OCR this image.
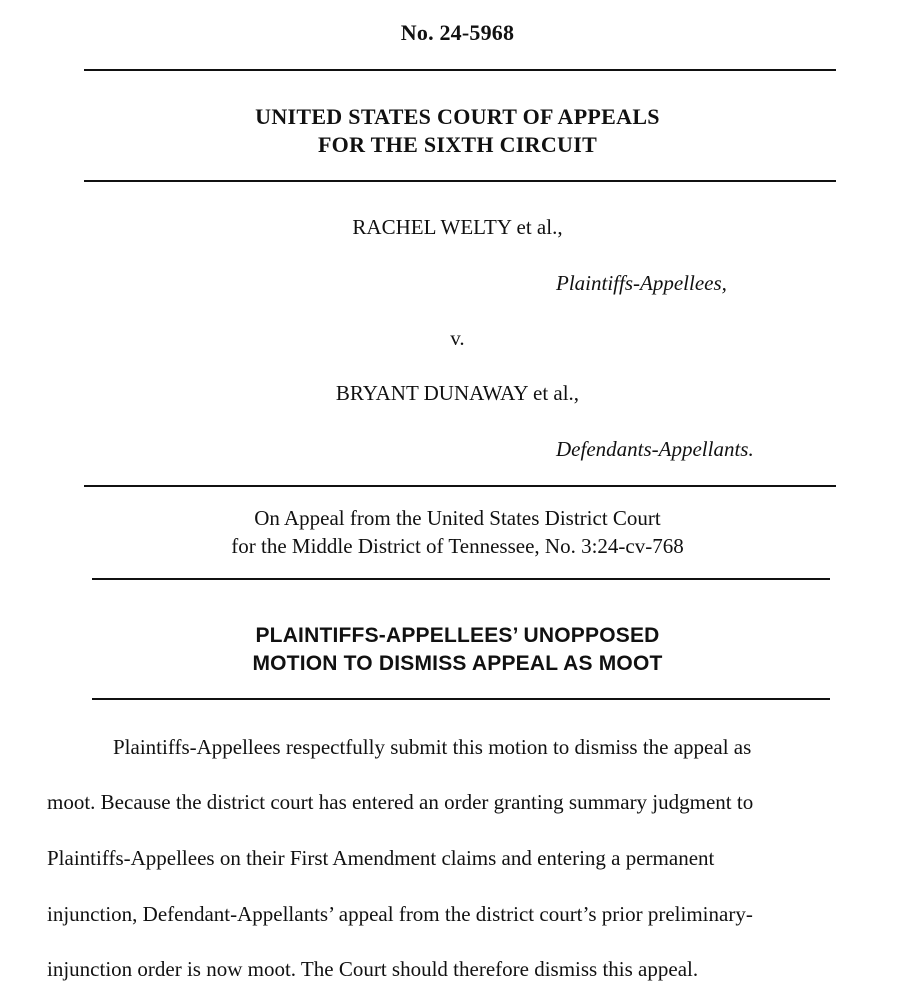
No. 24-5968
UNITED STATES COURT OF APPEALS
FOR THE SIXTH CIRCUIT
RACHEL WELTY et al.,
Plaintiffs-Appellees,
v.
BRYANT DUNAWAY et al.,
Defendants-Appellants.
On Appeal from the United States District Court
for the Middle District of Tennessee, No. 3:24-cv-768
PLAINTIFFS-APPELLEES’ UNOPPOSED
MOTION TO DISMISS APPEAL AS MOOT
Plaintiffs-Appellees respectfully submit this motion to dismiss the appeal as
moot. Because the district court has entered an order granting summary judgment to
Plaintiffs-Appellees on their First Amendment claims and entering a permanent
injunction, Defendant-Appellants’ appeal from the district court’s prior preliminary-
injunction order is now moot. The Court should therefore dismiss this appeal.
